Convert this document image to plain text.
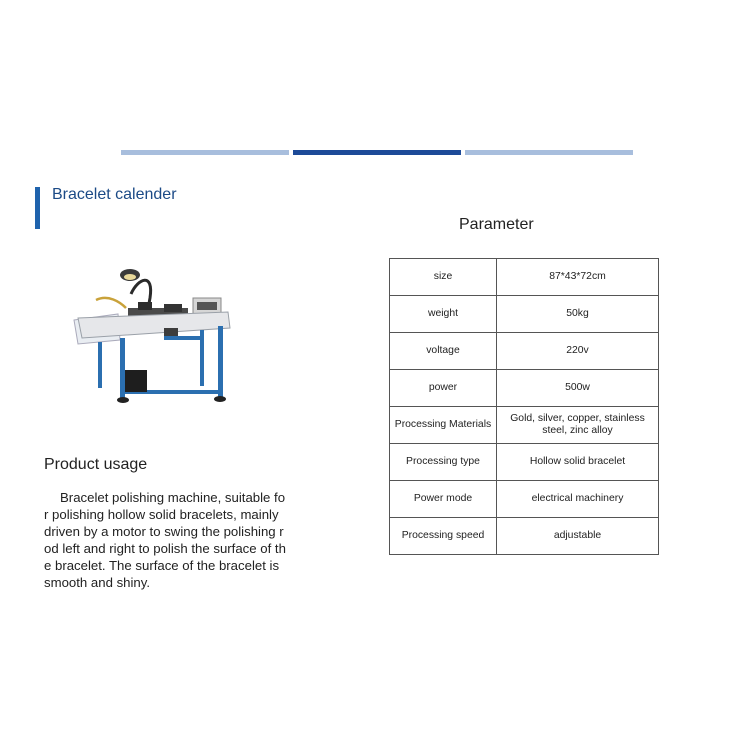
Bracelet calender
Parameter
Product usage
Bracelet polishing machine, suitable for polishing hollow solid bracelets, mainly driven by a motor to swing the polishing rod left and right to polish the surface of the bracelet. The surface of the bracelet is smooth and shiny.
size	87*43*72cm
weight	50kg
voltage	220v
power	500w
Processing Materials	Gold, silver, copper, stainless steel, zinc alloy
Processing type	Hollow solid bracelet
Power mode	electrical machinery
Processing speed	adjustable
